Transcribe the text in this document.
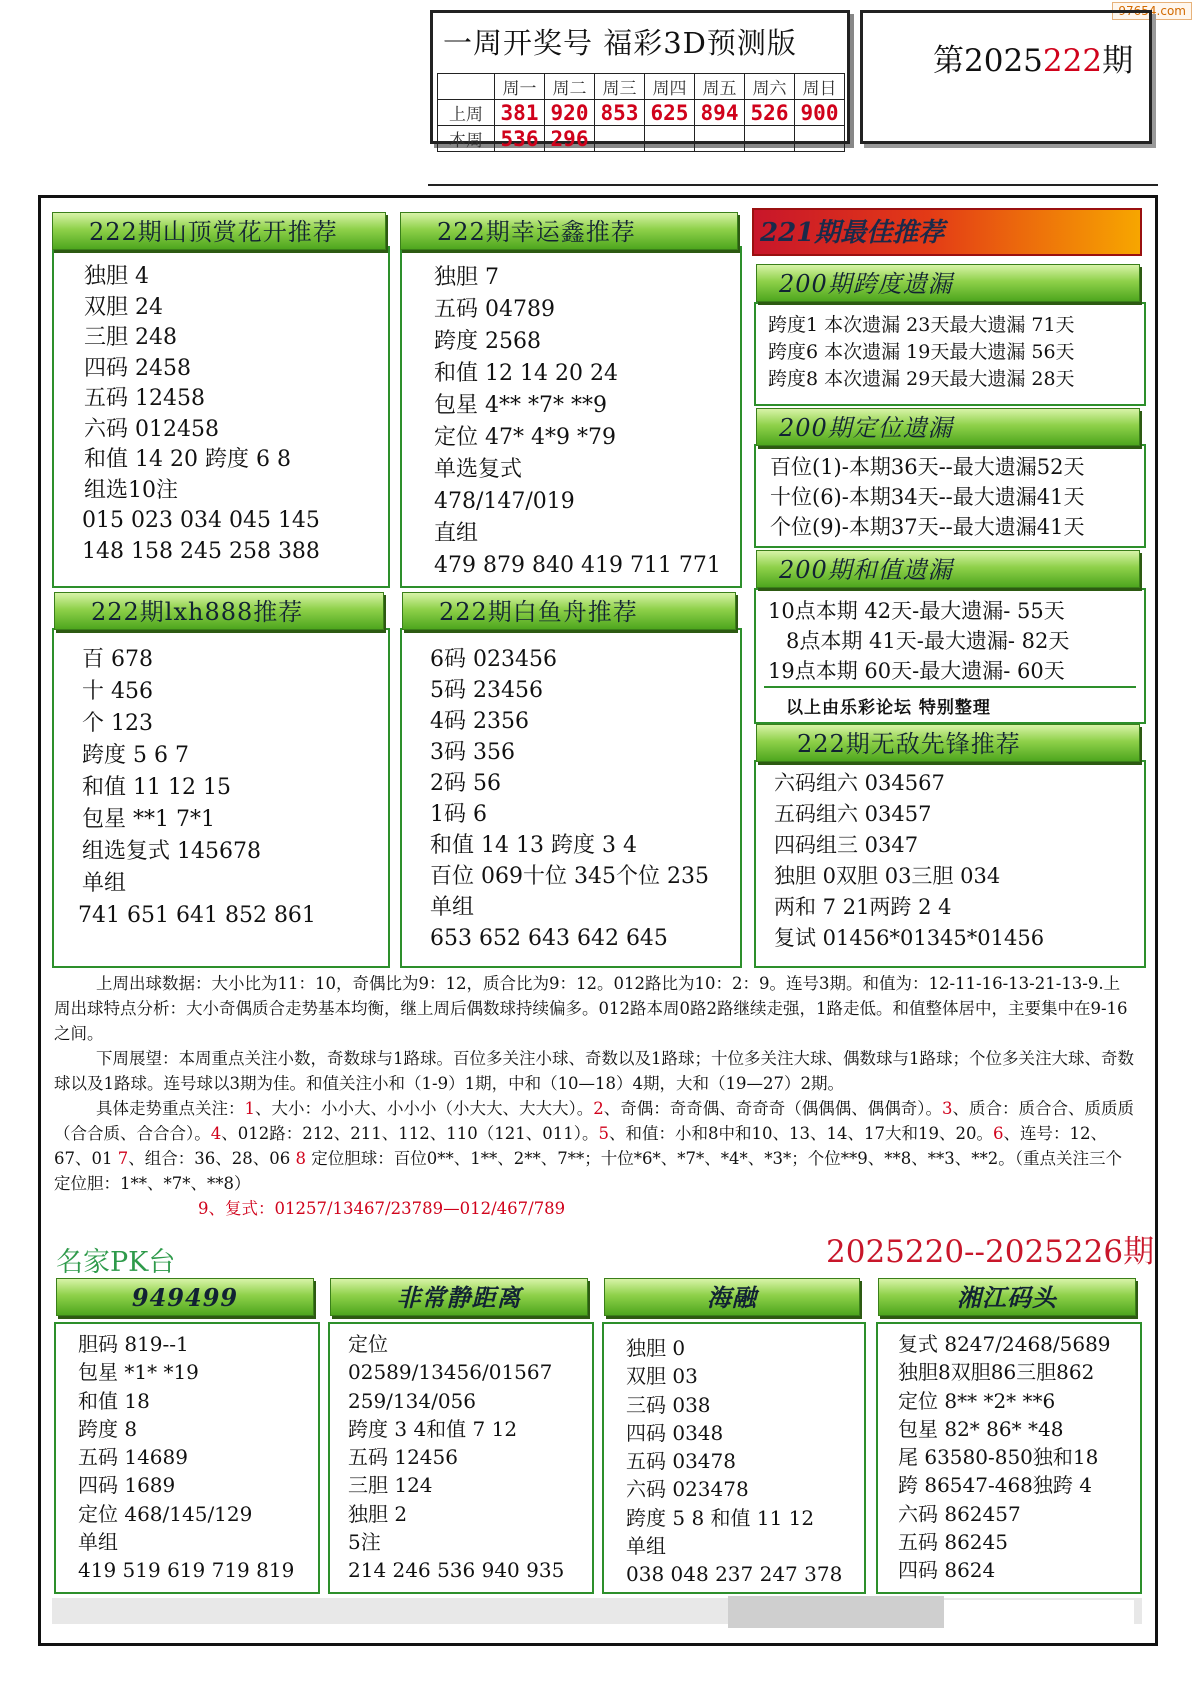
97654.com
一周开奖号 福彩3D预测版
	周一	周二	周三	周四	周五	周六	周日
上周	381	920	853	625	894	526	900
本周	536	296					
第2025222期
独胆 4
双胆 24
三胆 248
四码 2458
五码 12458
六码 012458
和值 14 20 跨度 6 8
组选10注
015 023 034 045 145
148 158 245 258 388
222期山顶赏花开推荐
独胆 7
五码 04789
跨度 2568
和值 12 14 20 24
包星 4** *7* **9
定位 47* 4*9 *79
单选复式
478/147/019
直组
479 879 840 419 711 771
222期幸运鑫推荐
百 678
十 456
个 123
跨度 5 6 7
和值 11 12 15
包星 **1 7*1
组选复式 145678
单组
741 651 641 852 861
222期lxh888推荐
6码 023456
5码 23456
4码 2356
3码 356
2码 56
1码 6
和值 14 13 跨度 3 4
百位 069十位 345个位 235
单组
653 652 643 642 645
222期白鱼舟推荐
221期最佳推荐
跨度1 本次遗漏 23天最大遗漏 71天
跨度6 本次遗漏 19天最大遗漏 56天
跨度8 本次遗漏 29天最大遗漏 28天
200期跨度遗漏
百位(1)-本期36天--最大遗漏52天
十位(6)-本期34天--最大遗漏41天
个位(9)-本期37天--最大遗漏41天
200期定位遗漏
10点本期 42天-最大遗漏- 55天
8点本期 41天-最大遗漏- 82天
19点本期 60天-最大遗漏- 60天
以上由乐彩论坛 特别整理
200期和值遗漏
六码组六 034567
五码组六 03457
四码组三 0347
独胆 0双胆 03三胆 034
两和 7 21两跨 2 4
复试 01456*01345*01456
222期无敌先锋推荐

上周出球数据：大小比为11：10，奇偶比为9：12，质合比为9：12。012路比为10：2：9。连号3期。和值为：12-11-16-13-21-13-9.上周出球特点分析：大小奇偶质合走势基本均衡，继上周后偶数球持续偏多。012路本周0路2路继续走强，1路走低。和值整体居中，主要集中在9-16之间。

下周展望：本周重点关注小数，奇数球与1路球。百位多关注小球、奇数以及1路球；十位多关注大球、偶数球与1路球；个位多关注大球、奇数球以及1路球。连号球以3期为佳。和值关注小和（1-9）1期，中和（10—18）4期，大和（19—27）2期。

具体走势重点关注：1、大小：小小大、小小小（小大大、大大大）。2、奇偶：奇奇偶、奇奇奇（偶偶偶、偶偶奇）。3、质合：质合合、质质质（合合质、合合合）。4、012路：212、211、112、110（121、011）。5、和值：小和8中和10、13、14、17大和19、20。6、连号：12、67、01 7、组合：36、28、06 8 定位胆球：百位0**、1**、2**、7**；十位*6*、*7*、*4*、*3*；个位**9、**8、**3、**2。（重点关注三个定位胆：1**、*7*、**8）

9、复式：01257/13467/23789—012/467/789

名家PK台	2025220--2025226期
胆码 819--1
包星 *1* *19
和值 18
跨度 8
五码 14689
四码 1689
定位 468/145/129
单组
419 519 619 719 819
949499
定位
02589/13456/01567
259/134/056
跨度 3 4和值 7 12
五码 12456
三胆 124
独胆 2
5注
214 246 536 940 935
非常静距离
独胆 0
双胆 03
三码 038
四码 0348
五码 03478
六码 023478
跨度 5 8 和值 11 12
单组
038 048 237 247 378
海融
复式 8247/2468/5689
独胆8双胆86三胆862
定位 8** *2* **6
包星 82* 86* *48
尾 63580-850独和18
跨 86547-468独跨 4
六码 862457
五码 86245
四码 8624
湘江码头
